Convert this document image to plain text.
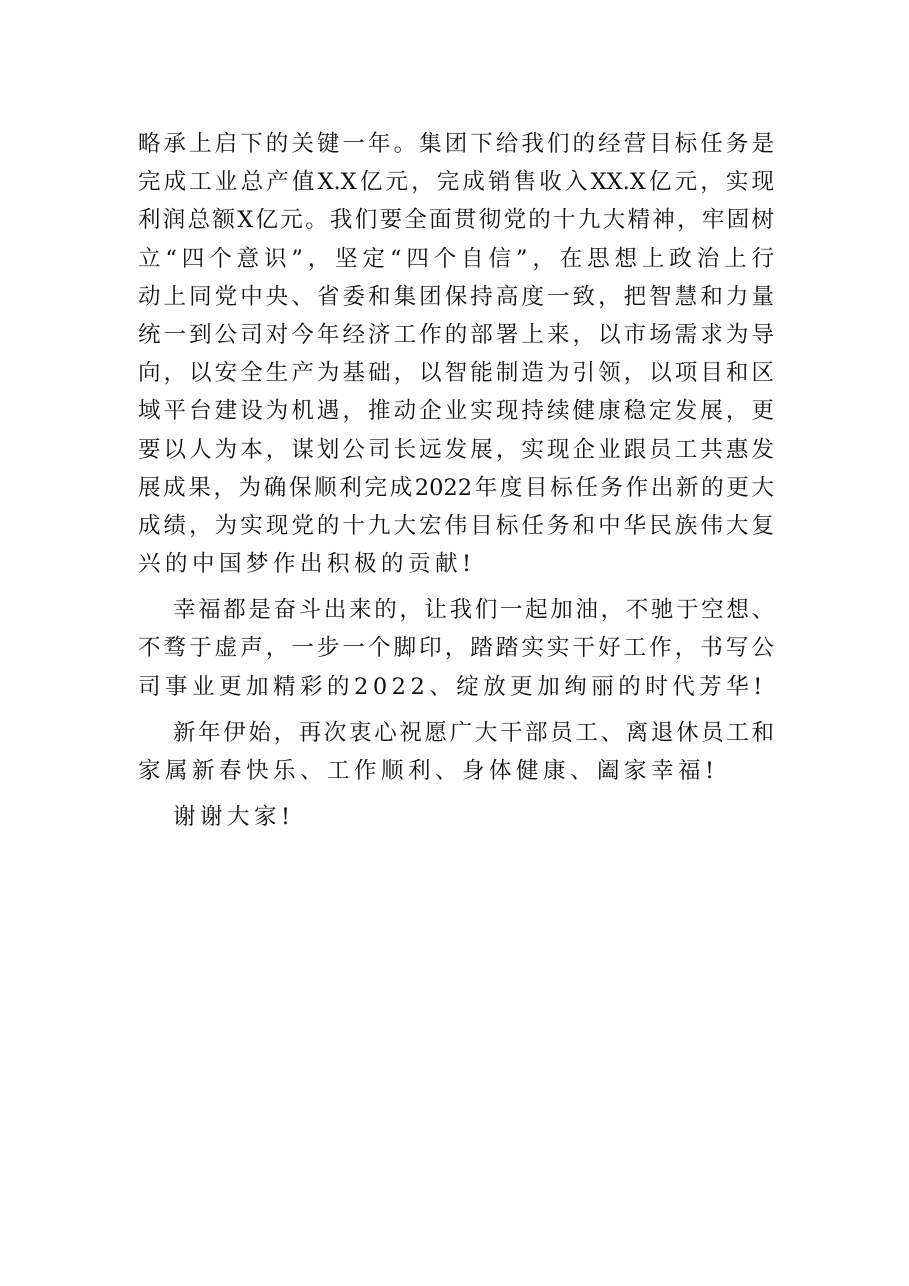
略承上启下的关键一年。集团下给我们的经营目标任务是
完成工业总产值X.X亿元，完成销售收入XX.X亿元，实现
利润总额X亿元。我们要全面贯彻党的十九大精神，牢固树
立“四个意识”，坚定“四个自信”，在思想上政治上行
动上同党中央、省委和集团保持高度一致，把智慧和力量
统一到公司对今年经济工作的部署上来，以市场需求为导
向，以安全生产为基础，以智能制造为引领，以项目和区
域平台建设为机遇，推动企业实现持续健康稳定发展，更
要以人为本，谋划公司长远发展，实现企业跟员工共惠发
展成果，为确保顺利完成2022年度目标任务作出新的更大
成绩，为实现党的十九大宏伟目标任务和中华民族伟大复
兴的中国梦作出积极的贡献!
幸福都是奋斗出来的，让我们一起加油，不驰于空想、
不骛于虚声，一步一个脚印，踏踏实实干好工作，书写公
司事业更加精彩的2022、绽放更加绚丽的时代芳华!
新年伊始，再次衷心祝愿广大干部员工、离退休员工和
家属新春快乐、工作顺利、身体健康、阖家幸福!
谢谢大家!
